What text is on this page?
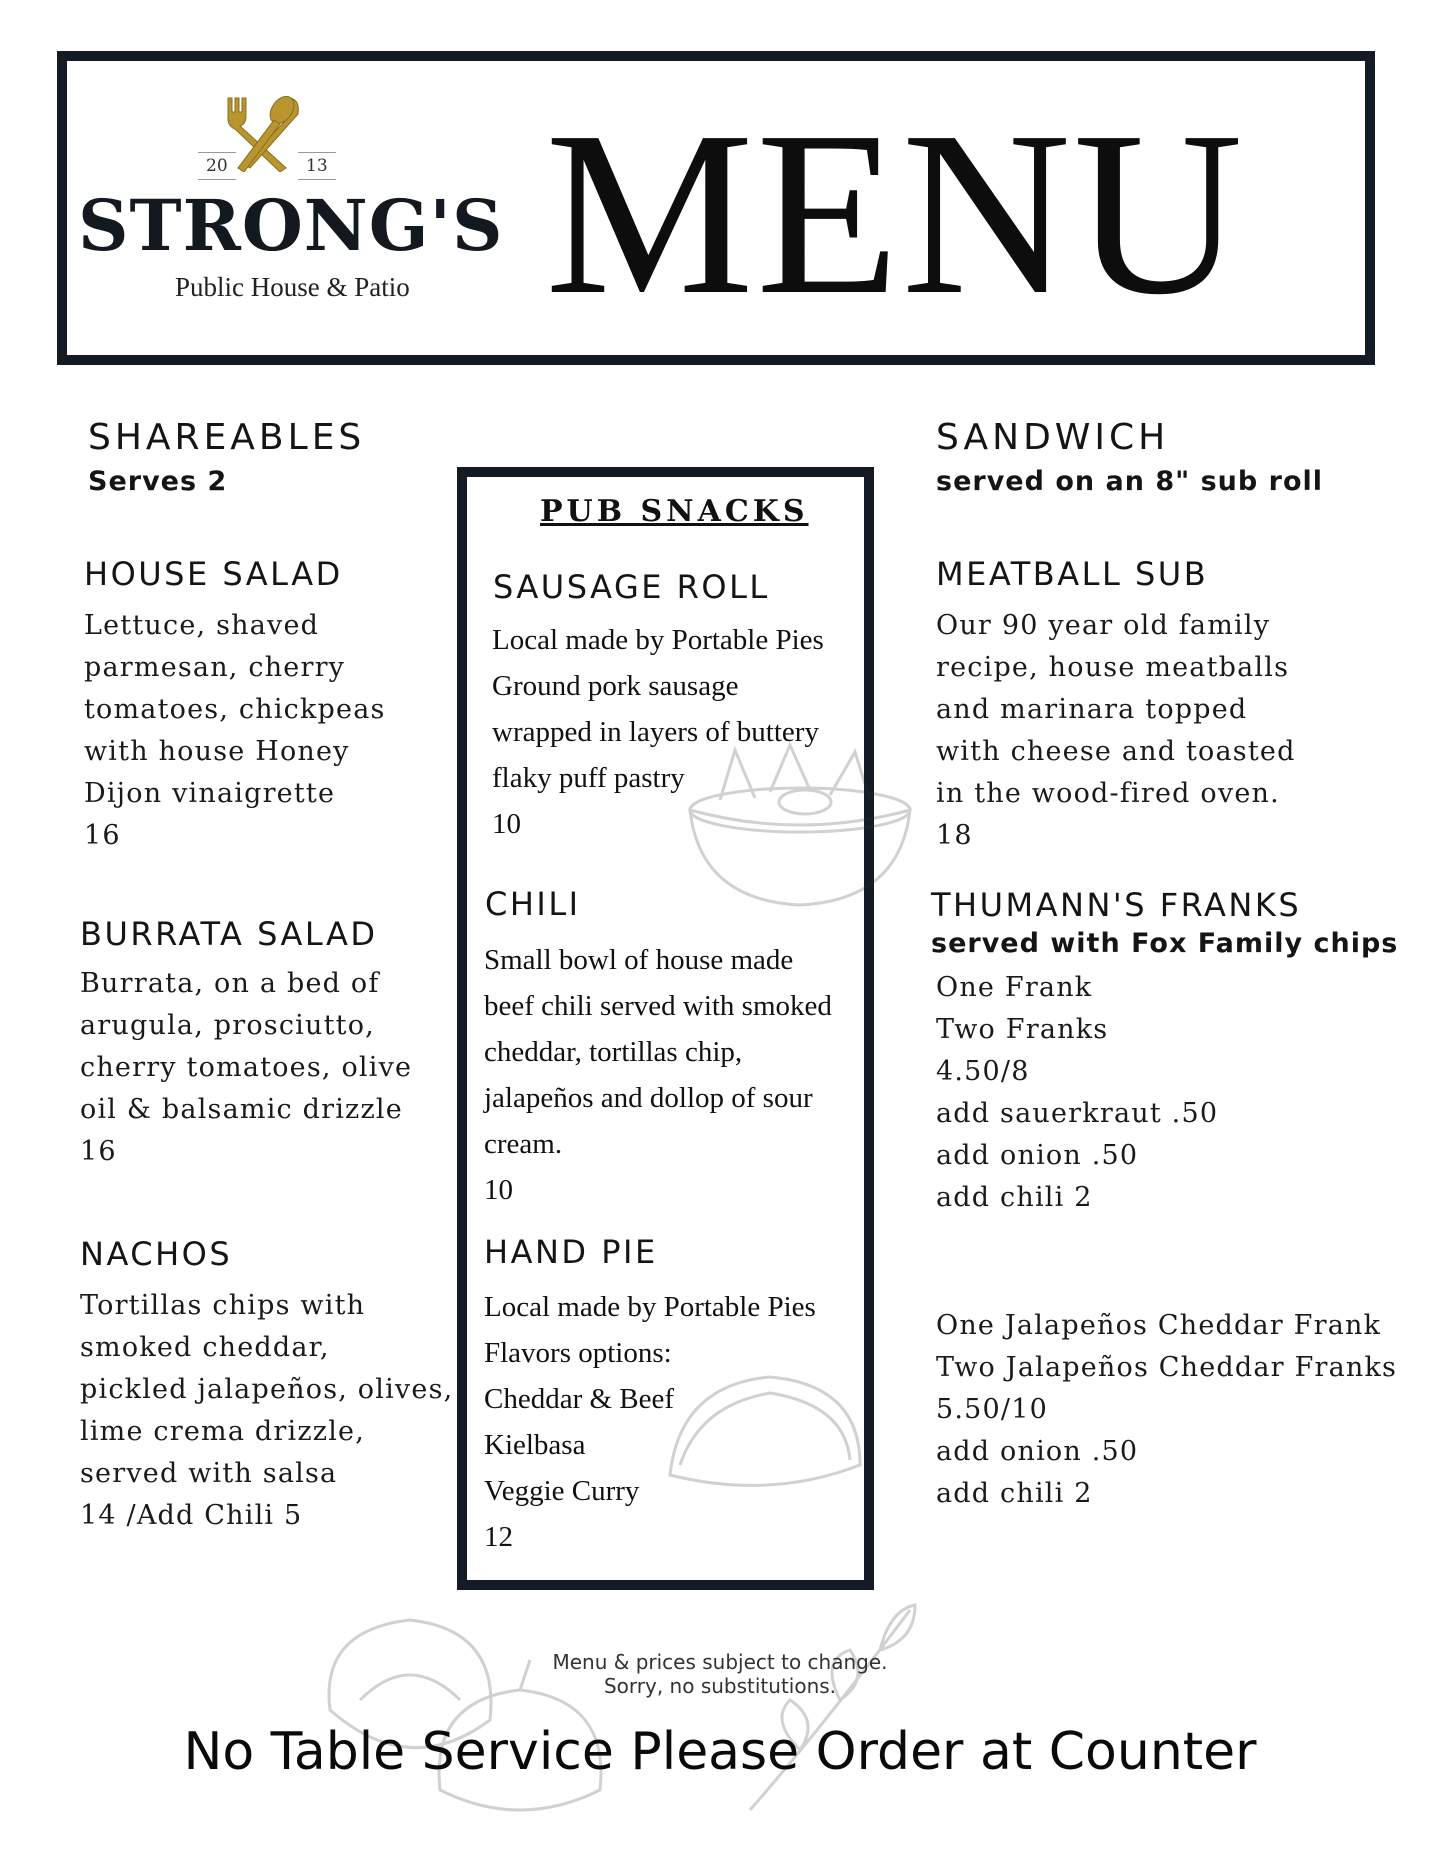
20	13
STRONG'S
Public House & Patio MENU
SHAREABLES
Serves 2
HOUSE SALAD
Lettuce, shaved
parmesan, cherry
tomatoes, chickpeas
with house Honey
Dijon vinaigrette
16
BURRATA SALAD
Burrata, on a bed of
arugula, prosciutto,
cherry tomatoes, olive
oil & balsamic drizzle
16
NACHOS
Tortillas chips with
smoked cheddar,
pickled jalapeños, olives,
lime crema drizzle,
served with salsa
14 /Add Chili 5
PUB SNACKS
SAUSAGE ROLL
Local made by Portable Pies
Ground pork sausage
wrapped in layers of buttery
flaky puff pastry
10
CHILI
Small bowl of house made
beef chili served with smoked
cheddar, tortillas chip,
jalapeños and dollop of sour
cream.
10
HAND PIE
Local made by Portable Pies
Flavors options:
Cheddar & Beef
Kielbasa
Veggie Curry
12
SANDWICH
served on an 8" sub roll
MEATBALL SUB
Our 90 year old family
recipe, house meatballs
and marinara topped
with cheese and toasted
in the wood-fired oven.
18
THUMANN'S FRANKS
served with Fox Family chips
One Frank
Two Franks
4.50/8
add sauerkraut .50
add onion .50
add chili 2
One Jalapeños Cheddar Frank
Two Jalapeños Cheddar Franks
5.50/10
add onion .50
add chili 2
Menu & prices subject to change.
Sorry, no substitutions.
No Table Service Please Order at Counter
